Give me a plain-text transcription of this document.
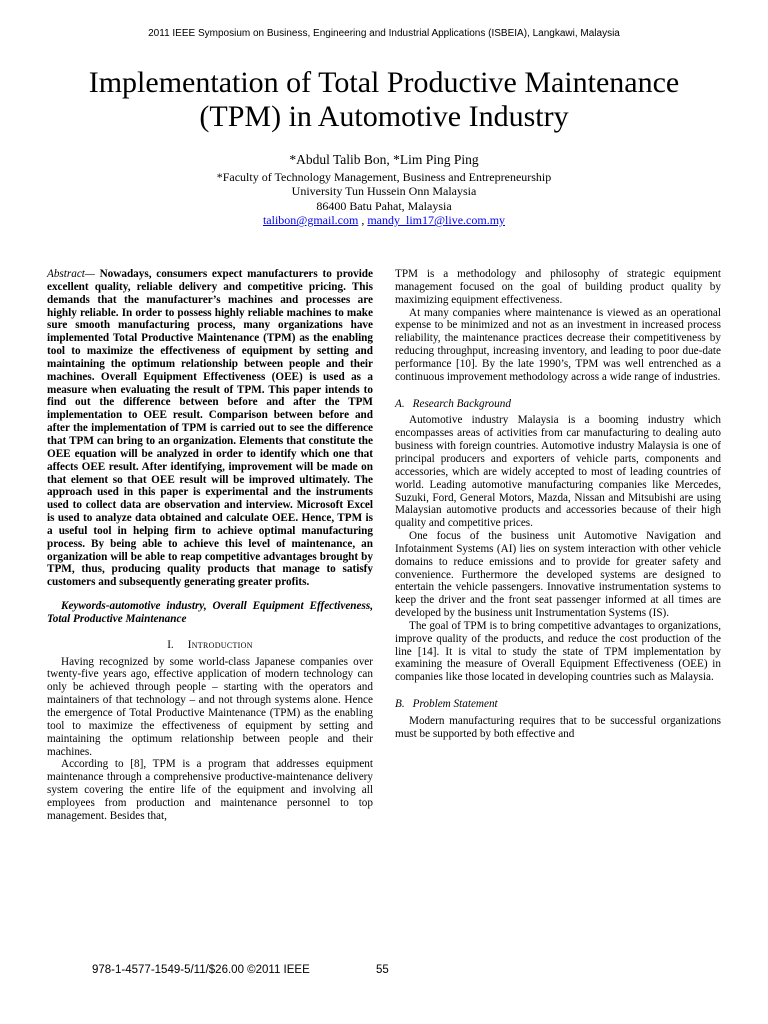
2011 IEEE Symposium on Business, Engineering and Industrial Applications (ISBEIA), Langkawi, Malaysia
Implementation of Total Productive Maintenance
(TPM) in Automotive Industry
*Abdul Talib Bon, *Lim Ping Ping
*Faculty of Technology Management, Business and Entrepreneurship
University Tun Hussein Onn Malaysia
86400 Batu Pahat, Malaysia
talibon@gmail.com , mandy_lim17@live.com.my

Abstract— Nowadays, consumers expect manufacturers to provide excellent quality, reliable delivery and competitive pricing. This demands that the manufacturer’s machines and processes are highly reliable. In order to possess highly reliable machines to make sure smooth manufacturing process, many organizations have implemented Total Productive Maintenance (TPM) as the enabling tool to maximize the effectiveness of equipment by setting and maintaining the optimum relationship between people and their machines. Overall Equipment Effectiveness (OEE) is used as a measure when evaluating the result of TPM. This paper intends to find out the difference between before and after the TPM implementation to OEE result. Comparison between before and after the implementation of TPM is carried out to see the difference that TPM can bring to an organization. Elements that constitute the OEE equation will be analyzed in order to identify which one that affects OEE result. After identifying, improvement will be made on that element so that OEE result will be improved ultimately. The approach used in this paper is experimental and the instruments used to collect data are observation and interview. Microsoft Excel is used to analyze data obtained and calculate OEE. Hence, TPM is a useful tool in helping firm to achieve optimal manufacturing process. By being able to achieve this level of maintenance, an organization will be able to reap competitive advantages brought by TPM, thus, producing quality products that manage to satisfy customers and subsequently generating greater profits.

Keywords-automotive industry, Overall Equipment Effectiveness, Total Productive Maintenance

I. Introduction

Having recognized by some world-class Japanese companies over twenty-five years ago, effective application of modern technology can only be achieved through people – starting with the operators and maintainers of that technology – and not through systems alone. Hence the emergence of Total Productive Maintenance (TPM) as the enabling tool to maximize the effectiveness of equipment by setting and maintaining the optimum relationship between people and their machines.

According to [8], TPM is a program that addresses equipment maintenance through a comprehensive productive-maintenance delivery system covering the entire life of the equipment and involving all employees from production and maintenance personnel to top management. Besides that,

TPM is a methodology and philosophy of strategic equipment management focused on the goal of building product quality by maximizing equipment effectiveness.

At many companies where maintenance is viewed as an operational expense to be minimized and not as an investment in increased process reliability, the maintenance practices decrease their competitiveness by reducing throughput, increasing inventory, and leading to poor due-date performance [10]. By the late 1990’s, TPM was well entrenched as a continuous improvement methodology across a wide range of industries.

A. Research Background

Automotive industry Malaysia is a booming industry which encompasses areas of activities from car manufacturing to dealing auto business with foreign countries. Automotive industry Malaysia is one of principal producers and exporters of vehicle parts, components and accessories, which are widely accepted to most of leading countries of world. Leading automotive manufacturing companies like Mercedes, Suzuki, Ford, General Motors, Mazda, Nissan and Mitsubishi are using Malaysian automotive products and accessories because of their high quality and competitive prices.

One focus of the business unit Automotive Navigation and Infotainment Systems (AI) lies on system interaction with other vehicle domains to reduce emissions and to provide for greater safety and convenience. Furthermore the developed systems are designed to entertain the vehicle passengers. Innovative instrumentation systems to keep the driver and the front seat passenger informed at all times are developed by the business unit Instrumentation Systems (IS).

The goal of TPM is to bring competitive advantages to organizations, improve quality of the products, and reduce the cost production of the line [14]. It is vital to study the state of TPM implementation by examining the measure of Overall Equipment Effectiveness (OEE) in companies like those located in developing countries such as Malaysia.

B. Problem Statement

Modern manufacturing requires that to be successful organizations must be supported by both effective and

978-1-4577-1549-5/11/$26.00 ©2011 IEEE	55
